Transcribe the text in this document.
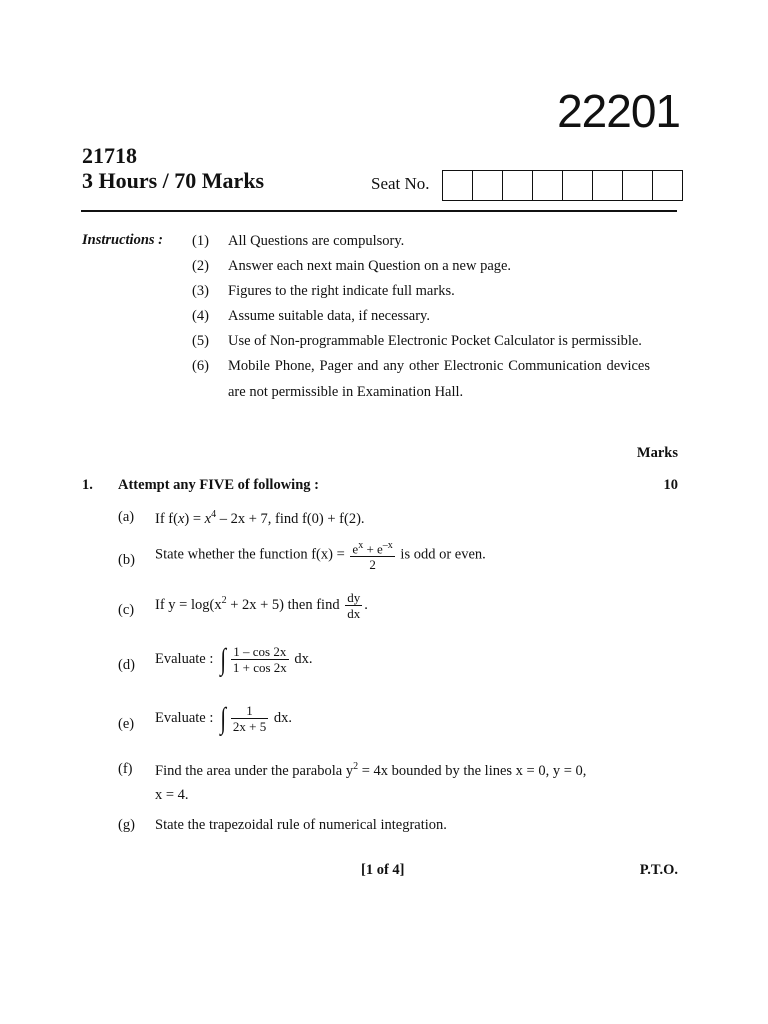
22201
21718
3 Hours / 70 Marks	Seat No.
Instructions : (1) All Questions are compulsory.
(2) Answer each next main Question on a new page.
(3) Figures to the right indicate full marks.
(4) Assume suitable data, if necessary.
(5) Use of Non-programmable Electronic Pocket Calculator is permissible.
(6) Mobile Phone, Pager and any other Electronic Communication devices are not permissible in Examination Hall.
Marks
1. Attempt any FIVE of following :	10
(a) If $f(x) = x^4 - 2x + 7$, find f(0) + f(2).
(b) State whether the function $f(x) = \frac{e^x + e^{-x}}{2}$ is odd or even.
(c) If $y = \log(x^2 + 2x + 5)$ then find $\frac{dy}{dx}$ .
(d) Evaluate : ∫ $\frac{1 - \cos 2x}{1 + \cos 2x}$ dx.
(e) Evaluate : ∫ $\frac{1}{2x + 5}$ dx.
(f) Find the area under the parabola $y^2 = 4x$ bounded by the lines x = 0, y = 0,
x = 4.
(g) State the trapezoidal rule of numerical integration.
[1 of 4]	P.T.O.
